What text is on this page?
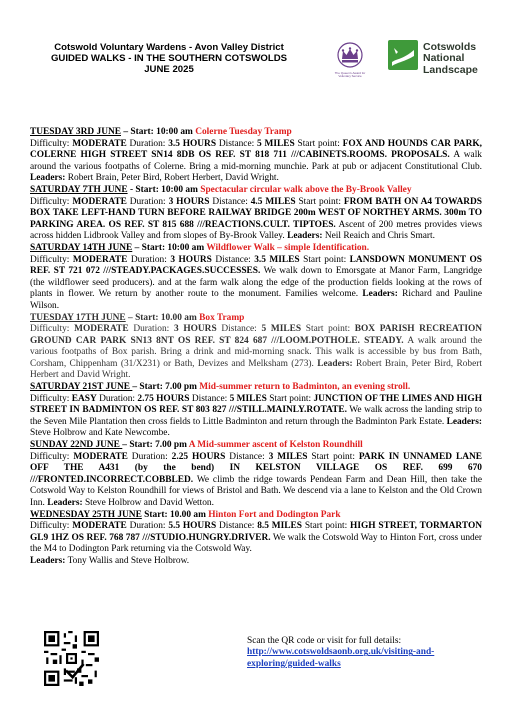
Cotswold Voluntary Wardens - Avon Valley District
GUIDED WALKS - IN THE SOUTHERN COTSWOLDS
JUNE 2025	The Queen's Award for Voluntary Service
Cotswolds
National
Landscape

TUESDAY 3RD JUNE – Start: 10:00 am Colerne Tuesday Tramp
Difficulty: MODERATE Duration: 3.5 HOURS Distance: 5 MILES Start point: FOX AND HOUNDS CAR PARK, COLERNE HIGH STREET SN14 8DB OS REF. ST 818 711 ///CABINETS.ROOMS. PROPOSALS. A walk around the various footpaths of Colerne. Bring a mid-morning munchie. Park at pub or adjacent Constitutional Club. Leaders: Robert Brain, Peter Bird, Robert Herbert, David Wright.

SATURDAY 7TH JUNE - Start: 10:00 am Spectacular circular walk above the By-Brook Valley
Difficulty: MODERATE Duration: 3 HOURS Distance: 4.5 MILES Start point: FROM BATH ON A4 TOWARDS BOX TAKE LEFT-HAND TURN BEFORE RAILWAY BRIDGE 200m WEST OF NORTHEY ARMS. 300m TO PARKING AREA. OS REF. ST 815 688 ///REACTIONS.CULT. TIPTOES. Ascent of 200 metres provides views across hidden Lidbrook Valley and from slopes of By-Brook Valley. Leaders: Neil Reaich and Chris Smart.

SATURDAY 14TH JUNE – Start: 10:00 am Wildflower Walk – simple Identification.
Difficulty: MODERATE Duration: 3 HOURS Distance: 3.5 MILES Start point: LANSDOWN MONUMENT OS REF. ST 721 072 ///STEADY.PACKAGES.SUCCESSES. We walk down to Emorsgate at Manor Farm, Langridge (the wildflower seed producers). and at the farm walk along the edge of the production fields looking at the rows of plants in flower. We return by another route to the monument. Families welcome. Leaders: Richard and Pauline Wilson.

TUESDAY 17TH JUNE – Start: 10.00 am Box Tramp
Difficulty: MODERATE Duration: 3 HOURS Distance: 5 MILES Start point: BOX PARISH RECREATION GROUND CAR PARK SN13 8NT OS REF. ST 824 687 ///LOOM.POTHOLE. STEADY. A walk around the various footpaths of Box parish. Bring a drink and mid-morning snack. This walk is accessible by bus from Bath, Corsham, Chippenham (31/X231) or Bath, Devizes and Melksham (273). Leaders: Robert Brain, Peter Bird, Robert Herbert and David Wright.

SATURDAY 21ST JUNE – Start: 7.00 pm Mid-summer return to Badminton, an evening stroll.
Difficulty: EASY Duration: 2.75 HOURS Distance: 5 MILES Start point: JUNCTION OF THE LIMES AND HIGH STREET IN BADMINTON OS REF. ST 803 827 ///STILL.MAINLY.ROTATE. We walk across the landing strip to the Seven Mile Plantation then cross fields to Little Badminton and return through the Badminton Park Estate. Leaders: Steve Holbrow and Kate Newcombe.

SUNDAY 22ND JUNE – Start: 7.00 pm A Mid-summer ascent of Kelston Roundhill
Difficulty: MODERATE Duration: 2.25 HOURS Distance: 3 MILES Start point: PARK IN UNNAMED LANE OFF THE A431 (by the bend) IN KELSTON VILLAGE OS REF. 699 670 ///FRONTED.INCORRECT.COBBLED. We climb the ridge towards Pendean Farm and Dean Hill, then take the Cotswold Way to Kelston Roundhill for views of Bristol and Bath. We descend via a lane to Kelston and the Old Crown Inn. Leaders: Steve Holbrow and David Wetton.

WEDNESDAY 25TH JUNE Start: 10.00 am Hinton Fort and Dodington Park
Difficulty: MODERATE Duration: 5.5 HOURS Distance: 8.5 MILES Start point: HIGH STREET, TORMARTON GL9 1HZ OS REF. 768 787 ///STUDIO.HUNGRY.DRIVER. We walk the Cotswold Way to Hinton Fort, cross under the M4 to Dodington Park returning via the Cotswold Way.
Leaders: Tony Wallis and Steve Holbrow.

Scan the QR code or visit for full details:
http://www.cotswoldsaonb.org.uk/visiting-and-exploring/guided-walks
